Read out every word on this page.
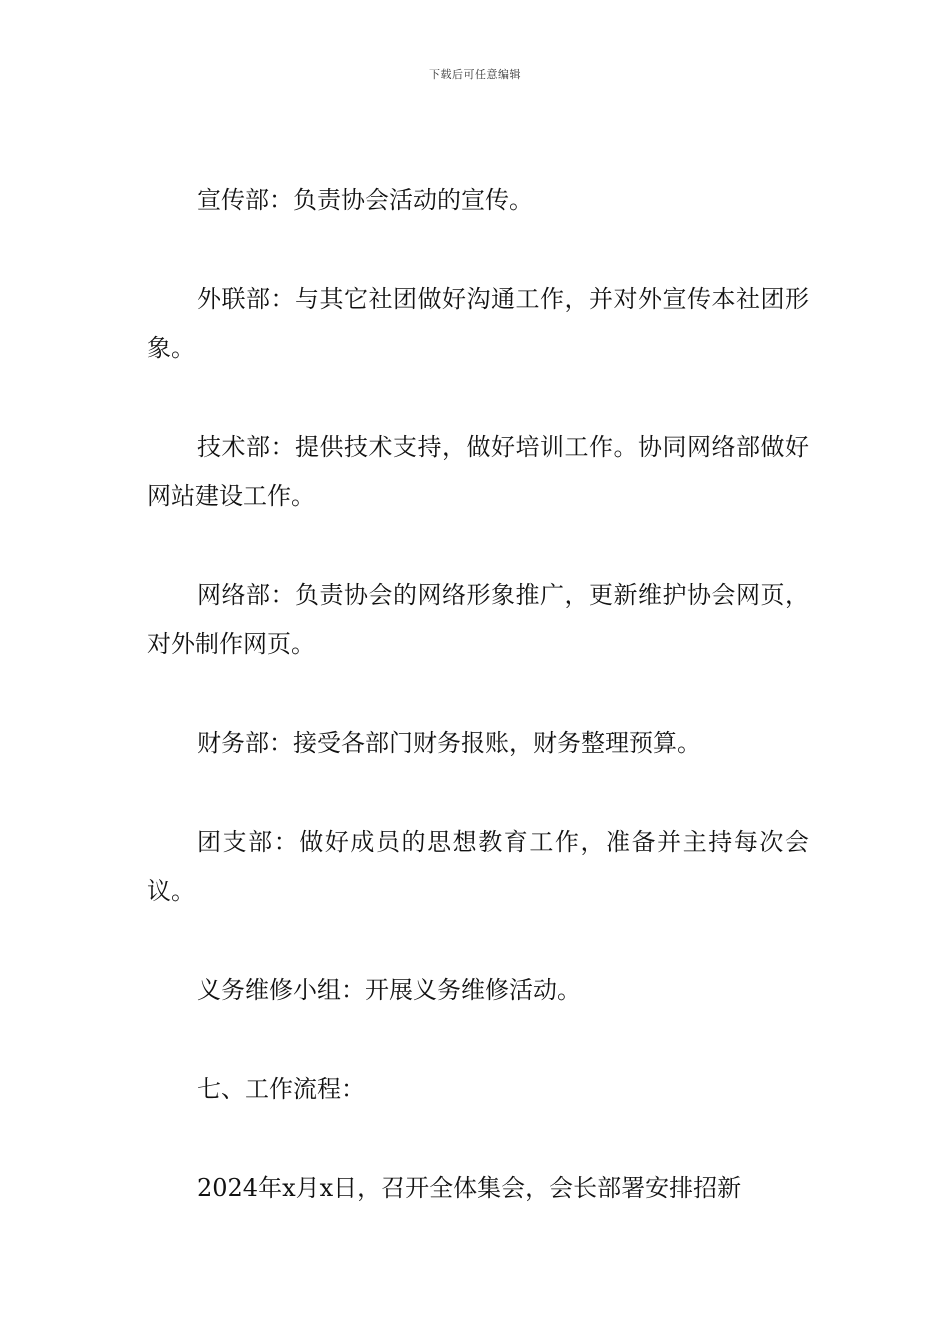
下载后可任意编辑

宣传部：负责协会活动的宣传。

外联部：与其它社团做好沟通工作，并对外宣传本社团形象。

技术部：提供技术支持，做好培训工作。协同网络部做好网站建设工作。

网络部：负责协会的网络形象推广，更新维护协会网页，对外制作网页。

财务部：接受各部门财务报账，财务整理预算。

团支部：做好成员的思想教育工作，准备并主持每次会议。

义务维修小组：开展义务维修活动。

七、工作流程：

2024年x月x日，召开全体集会，会长部署安排招新
